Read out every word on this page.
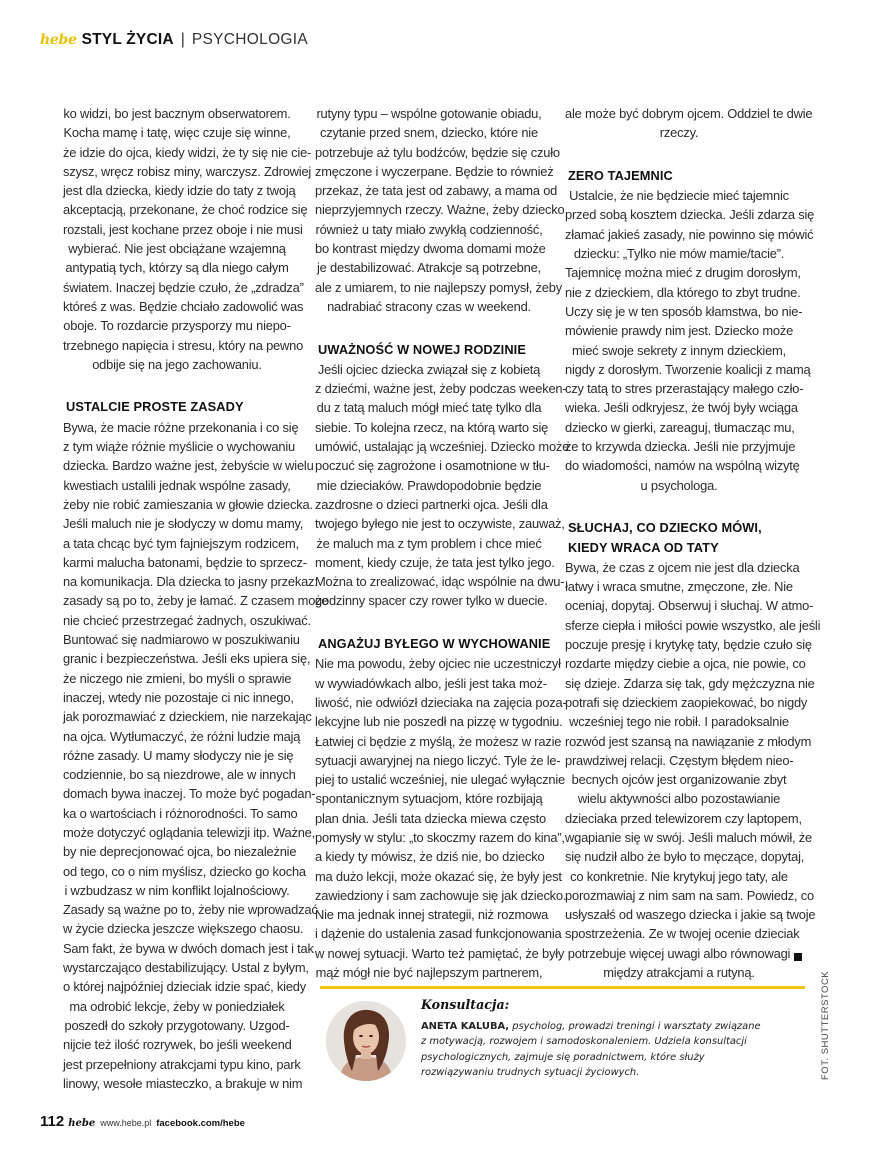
hebe STYL ŻYCIA | PSYCHOLOGIA
ko widzi, bo jest bacznym obserwatorem.
Kocha mamę i tatę, więc czuje się winne,
że idzie do ojca, kiedy widzi, że ty się nie cie-
szysz, wręcz robisz miny, warczysz. Zdrowiej
jest dla dziecka, kiedy idzie do taty z twoją
akceptacją, przekonane, że choć rodzice się
rozstali, jest kochane przez oboje i nie musi
wybierać. Nie jest obciążane wzajemną
antypatią tych, którzy są dla niego całym
światem. Inaczej będzie czuło, że „zdradza”
któreś z was. Będzie chciało zadowolić was
oboje. To rozdarcie przysporzy mu niepo-
trzebnego napięcia i stresu, który na pewno
odbije się na jego zachowaniu.
USTALCIE PROSTE ZASADY
Bywa, że macie różne przekonania i co się
z tym wiąże różnie myślicie o wychowaniu
dziecka. Bardzo ważne jest, żebyście w wielu
kwestiach ustalili jednak wspólne zasady,
żeby nie robić zamieszania w głowie dziecka.
Jeśli maluch nie je słodyczy w domu mamy,
a tata chcąc być tym fajniejszym rodzicem,
karmi malucha batonami, będzie to sprzecz-
na komunikacja. Dla dziecka to jasny przekaz:
zasady są po to, żeby je łamać. Z czasem może
nie chcieć przestrzegać żadnych, oszukiwać.
Buntować się nadmiarowo w poszukiwaniu
granic i bezpieczeństwa. Jeśli eks upiera się,
że niczego nie zmieni, bo myśli o sprawie
inaczej, wtedy nie pozostaje ci nic innego,
jak porozmawiać z dzieckiem, nie narzekając
na ojca. Wytłumaczyć, że różni ludzie mają
różne zasady. U mamy słodyczy nie je się
codziennie, bo są niezdrowe, ale w innych
domach bywa inaczej. To może być pogadan-
ka o wartościach i różnorodności. To samo
może dotyczyć oglądania telewizji itp. Ważne,
by nie deprecjonować ojca, bo niezależnie
od tego, co o nim myślisz, dziecko go kocha
i wzbudzasz w nim konflikt lojalnościowy.
Zasady są ważne po to, żeby nie wprowadzać
w życie dziecka jeszcze większego chaosu.
Sam fakt, że bywa w dwóch domach jest i tak
wystarczająco destabilizujący. Ustal z byłym,
o której najpóźniej dzieciak idzie spać, kiedy
ma odrobić lekcje, żeby w poniedziałek
poszedł do szkoły przygotowany. Uzgod-
nijcie też ilość rozrywek, bo jeśli weekend
jest przepełniony atrakcjami typu kino, park
linowy, wesołe miasteczko, a brakuje w nim
rutyny typu – wspólne gotowanie obiadu,
czytanie przed snem, dziecko, które nie
potrzebuje aż tylu bodźców, będzie się czuło
zmęczone i wyczerpane. Będzie to również
przekaz, że tata jest od zabawy, a mama od
nieprzyjemnych rzeczy. Ważne, żeby dziecko
również u taty miało zwykłą codzienność,
bo kontrast między dwoma domami może
je destabilizować. Atrakcje są potrzebne,
ale z umiarem, to nie najlepszy pomysł, żeby
nadrabiać stracony czas w weekend.
UWAŻNOŚĆ W NOWEJ RODZINIE
Jeśli ojciec dziecka związał się z kobietą
z dziećmi, ważne jest, żeby podczas weeken-
du z tatą maluch mógł mieć tatę tylko dla
siebie. To kolejna rzecz, na którą warto się
umówić, ustalając ją wcześniej. Dziecko może
poczuć się zagrożone i osamotnione w tłu-
mie dzieciaków. Prawdopodobnie będzie
zazdrosne o dzieci partnerki ojca. Jeśli dla
twojego byłego nie jest to oczywiste, zauważ,
że maluch ma z tym problem i chce mieć
moment, kiedy czuje, że tata jest tylko jego.
Można to zrealizować, idąc wspólnie na dwu-
godzinny spacer czy rower tylko w duecie.
ANGAŻUJ BYŁEGO W WYCHOWANIE
Nie ma powodu, żeby ojciec nie uczestniczył
w wywiadówkach albo, jeśli jest taka moż-
liwość, nie odwiózł dzieciaka na zajęcia poza-
lekcyjne lub nie poszedł na pizzę w tygodniu.
Łatwiej ci będzie z myślą, że możesz w razie
sytuacji awaryjnej na niego liczyć. Tyle że le-
piej to ustalić wcześniej, nie ulegać wyłącznie
spontanicznym sytuacjom, które rozbijają
plan dnia. Jeśli tata dziecka miewa często
pomysły w stylu: „to skoczmy razem do kina”,
a kiedy ty mówisz, że dziś nie, bo dziecko
ma dużo lekcji, może okazać się, że były jest
zawiedziony i sam zachowuje się jak dziecko.
Nie ma jednak innej strategii, niż rozmowa
i dążenie do ustalenia zasad funkcjonowania
w nowej sytuacji. Warto też pamiętać, że były
mąż mógł nie być najlepszym partnerem,
ale może być dobrym ojcem. Oddziel te dwie
rzeczy.
ZERO TAJEMNIC
Ustalcie, że nie będziecie mieć tajemnic
przed sobą kosztem dziecka. Jeśli zdarza się
złamać jakieś zasady, nie powinno się mówić
dziecku: „Tylko nie mów mamie/tacie”.
Tajemnicę można mieć z drugim dorosłym,
nie z dzieckiem, dla którego to zbyt trudne.
Uczy się je w ten sposób kłamstwa, bo nie-
mówienie prawdy nim jest. Dziecko może
mieć swoje sekrety z innym dzieckiem,
nigdy z dorosłym. Tworzenie koalicji z mamą
czy tatą to stres przerastający małego czło-
wieka. Jeśli odkryjesz, że twój były wciąga
dziecko w gierki, zareaguj, tłumacząc mu,
że to krzywda dziecka. Jeśli nie przyjmuje
do wiadomości, namów na wspólną wizytę
u psychologa.
SŁUCHAJ, CO DZIECKO MÓWI,
KIEDY WRACA OD TATY
Bywa, że czas z ojcem nie jest dla dziecka
łatwy i wraca smutne, zmęczone, złe. Nie
oceniaj, dopytaj. Obserwuj i słuchaj. W atmo-
sferze ciepła i miłości powie wszystko, ale jeśli
poczuje presję i krytykę taty, będzie czuło się
rozdarte między ciebie a ojca, nie powie, co
się dzieje. Zdarza się tak, gdy mężczyzna nie
potrafi się dzieckiem zaopiekować, bo nigdy
wcześniej tego nie robił. I paradoksalnie
rozwód jest szansą na nawiązanie z młodym
prawdziwej relacji. Częstym błędem nieo-
becnych ojców jest organizowanie zbyt
wielu aktywności albo pozostawianie
dzieciaka przed telewizorem czy laptopem,
wgapianie się w swój. Jeśli maluch mówił, że
się nudził albo że było to męczące, dopytaj,
co konkretnie. Nie krytykuj jego taty, ale
porozmawiaj z nim sam na sam. Powiedz, co
usłyszałś od waszego dziecka i jakie są twoje
spostrzeżenia. Ze w twojej ocenie dzieciak
potrzebuje więcej uwagi albo równowagi
między atrakcjami a rutyną.
Konsultacja:
ANETA KALUBA, psycholog, prowadzi treningi i warsztaty związane
z motywacją, rozwojem i samodoskonaleniem. Udziela konsultacji
psychologicznych, zajmuje się poradnictwem, które służy
rozwiązywaniu trudnych sytuacji życiowych.	FOT. SHUTTERSTOCK
112 hebe www.hebe.pl facebook.com/hebe
